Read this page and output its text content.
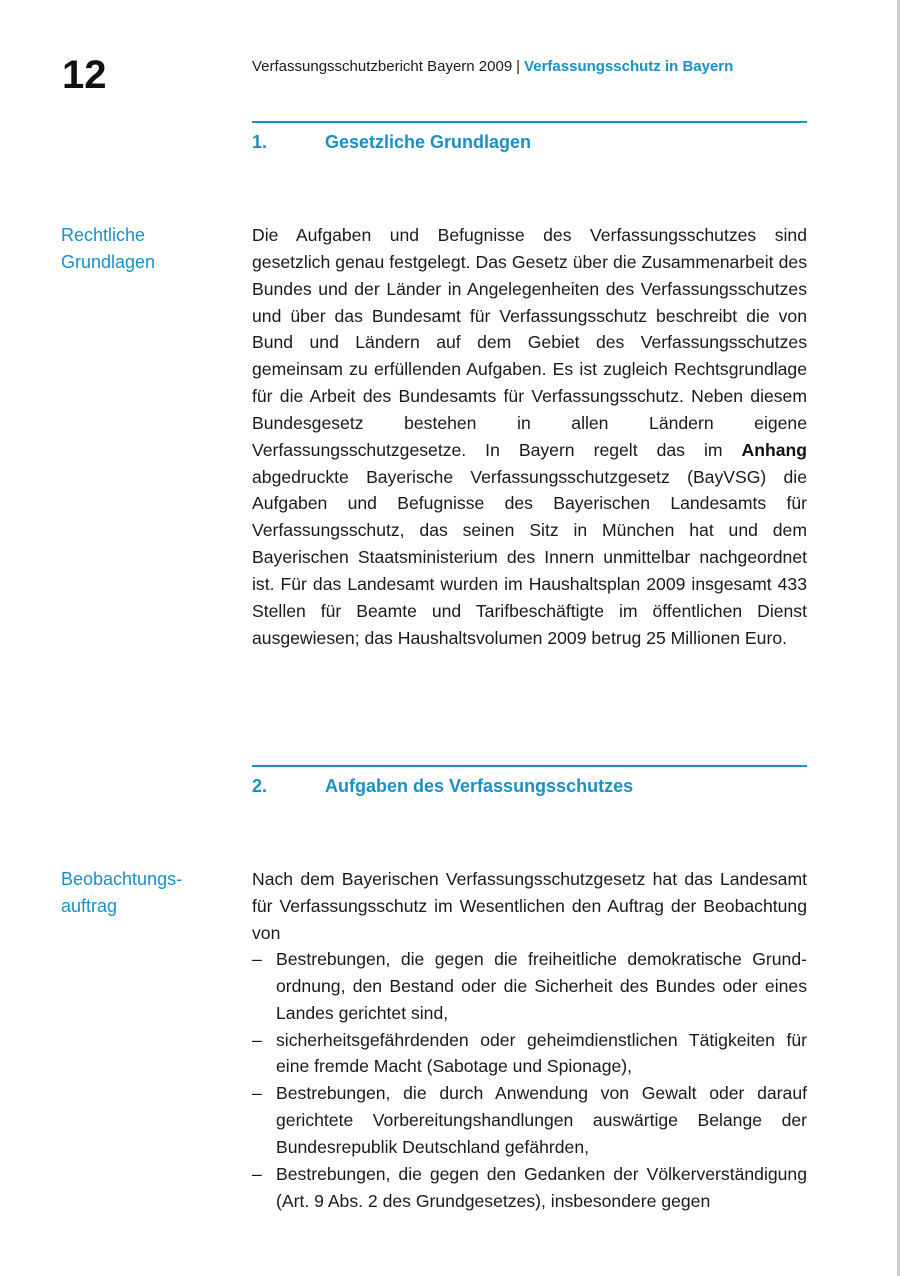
12	Verfassungsschutzbericht Bayern 2009 | Verfassungsschutz in Bayern
1.	Gesetzliche Grundlagen
Rechtliche
Grundlagen

Die Aufgaben und Befugnisse des Verfassungsschutzes sind gesetzlich genau festgelegt. Das Gesetz über die Zusammenarbeit des Bundes und der Länder in Angelegenheiten des Verfassungsschutzes und über das Bundesamt für Verfassungsschutz beschreibt die von Bund und Ländern auf dem Gebiet des Verfassungsschutzes gemeinsam zu erfüllenden Aufgaben. Es ist zugleich Rechtsgrundlage für die Arbeit des Bundesamts für Verfassungsschutz. Neben diesem Bundesgesetz bestehen in allen Ländern eigene Verfassungsschutzgesetze. In Bayern regelt das im Anhang abgedruckte Bayerische Verfassungsschutzgesetz (BayVSG) die Aufgaben und Befugnisse des Bayerischen Landesamts für Verfassungsschutz, das seinen Sitz in München hat und dem Bayerischen Staatsministerium des Innern unmittelbar nachgeordnet ist. Für das Landesamt wurden im Haushaltsplan 2009 insgesamt 433 Stellen für Beamte und Tarifbeschäftigte im öffentlichen Dienst ausgewiesen; das Haushaltsvolumen 2009 betrug 25 Millionen Euro.

2.	Aufgaben des Verfassungsschutzes
Beobachtungs-
auftrag

Nach dem Bayerischen Verfassungsschutzgesetz hat das Landesamt für Verfassungsschutz im Wesentlichen den Auftrag der Beobachtung von

– Bestrebungen, die gegen die freiheitliche demokratische Grundordnung, den Bestand oder die Sicherheit des Bundes oder eines Landes gerichtet sind,
– sicherheitsgefährdenden oder geheimdienstlichen Tätigkeiten für eine fremde Macht (Sabotage und Spionage),
– Bestrebungen, die durch Anwendung von Gewalt oder darauf gerichtete Vorbereitungshandlungen auswärtige Belange der Bundesrepublik Deutschland gefährden,
– Bestrebungen, die gegen den Gedanken der Völkerverständigung (Art. 9 Abs. 2 des Grundgesetzes), insbesondere gegen
